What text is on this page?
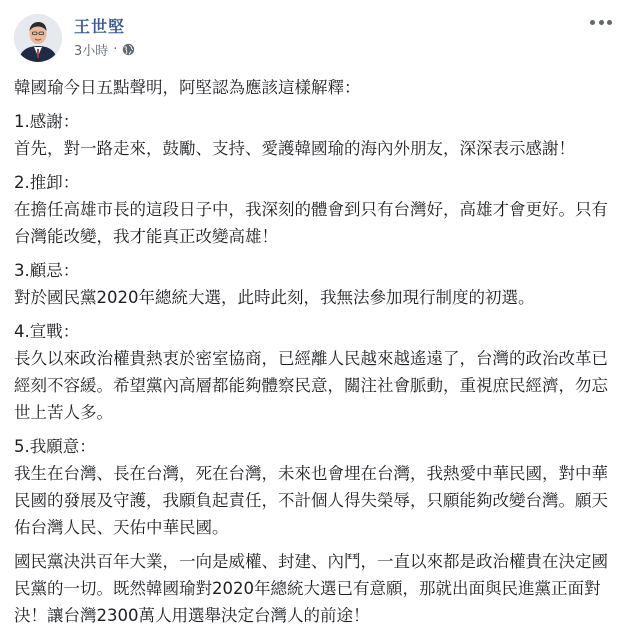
王世堅
3小時 ·

韓國瑜今日五點聲明，阿堅認為應該這樣解釋：

1.感謝：
首先，對一路走來，鼓勵、支持、愛護韓國瑜的海內外朋友，深深表示感謝！

2.推卸：
在擔任高雄市長的這段日子中，我深刻的體會到只有台灣好，高雄才會更好。只有台灣能改變，我才能真正改變高雄！

3.顧忌：
對於國民黨2020年總統大選，此時此刻，我無法參加現行制度的初選。

4.宣戰：
長久以來政治權貴熱衷於密室協商，已經離人民越來越遙遠了，台灣的政治改革已經刻不容緩。希望黨內高層都能夠體察民意，關注社會脈動，重視庶民經濟，勿忘世上苦人多。

5.我願意：
我生在台灣、長在台灣，死在台灣，未來也會埋在台灣，我熱愛中華民國，對中華民國的發展及守護，我願負起責任，不計個人得失榮辱，只願能夠改變台灣。願天佑台灣人民、天佑中華民國。

國民黨決洪百年大業，一向是威權、封建、內鬥，一直以來都是政治權貴在決定國民黨的一切。既然韓國瑜對2020年總統大選已有意願，那就出面與民進黨正面對決！讓台灣2300萬人用選舉決定台灣人的前途！
